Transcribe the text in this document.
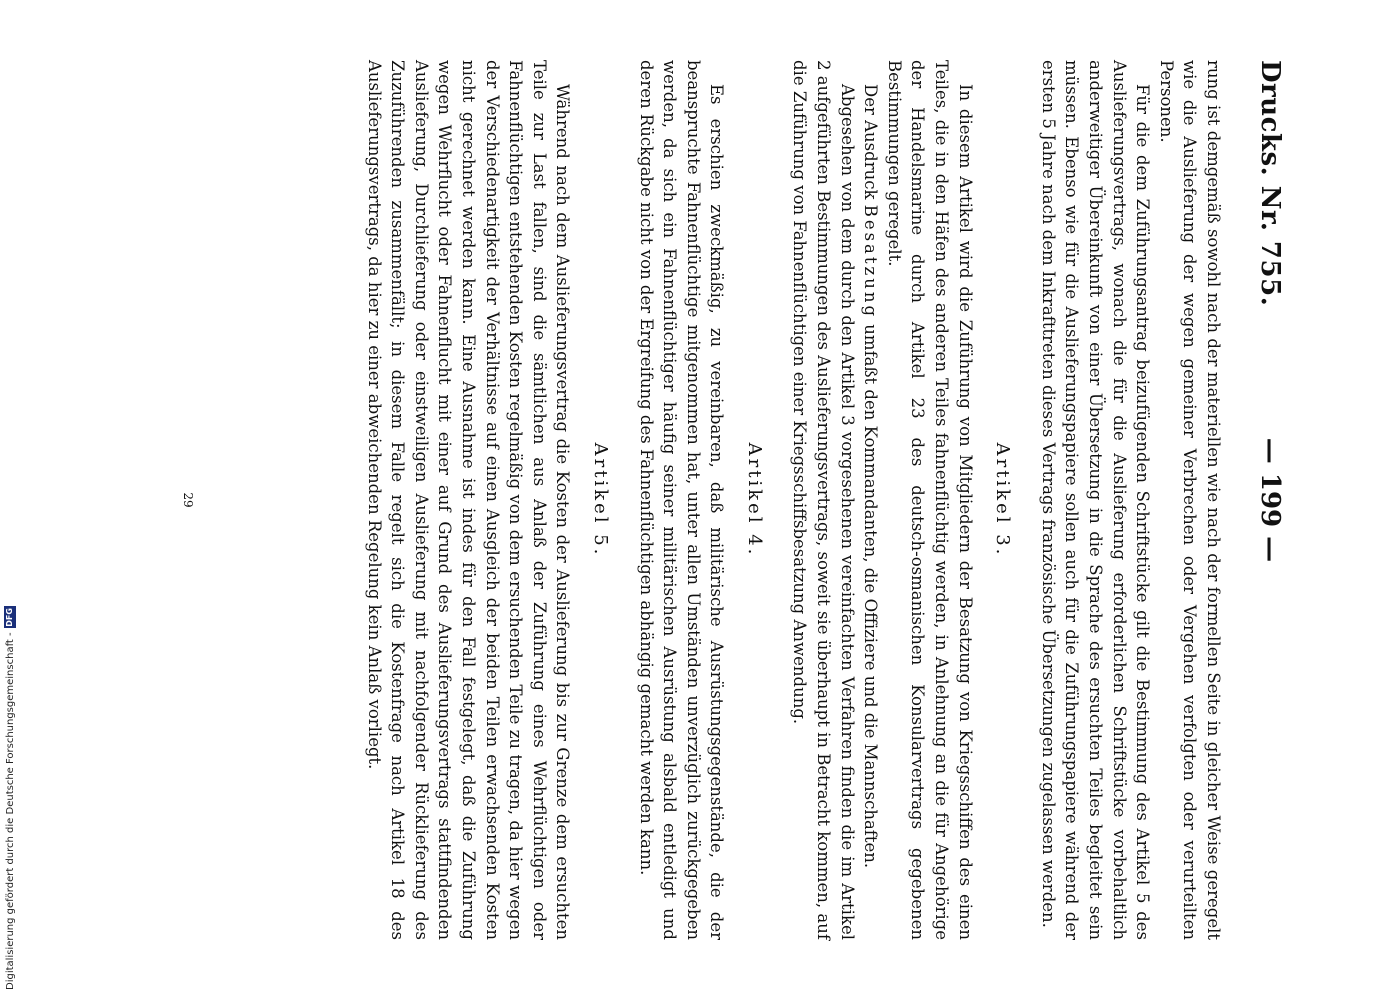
Drucks. Nr. 755.
— 199 —

rung ist demgemäß sowohl nach der materiellen wie nach der formellen Seite in gleicher Weise geregelt wie die Auslieferung der wegen gemeiner Verbrechen oder Vergehen verfolgten oder verurteilten Personen.

Für die dem Zuführungsantrag beizufügenden Schriftstücke gilt die Bestimmung des Artikel 5 des Auslieferungsvertrags, wonach die für die Auslieferung erforderlichen Schriftstücke vorbehaltlich anderweitiger Übereinkunft von einer Übersetzung in die Sprache des ersuchten Teiles begleitet sein müssen. Ebenso wie für die Auslieferungspapiere sollen auch für die Zuführungspapiere während der ersten 5 Jahre nach dem Inkrafttreten dieses Vertrags französische Übersetzungen zugelassen werden.

Artikel 3.

In diesem Artikel wird die Zuführung von Mitgliedern der Besatzung von Kriegsschiffen des einen Teiles, die in den Häfen des anderen Teiles fahnenflüchtig werden, in Anlehnung an die für Angehörige der Handelsmarine durch Artikel 23 des deutsch-osmanischen Konsularvertrags gegebenen Bestimmungen geregelt.

Der Ausdruck Besatzung umfaßt den Kommandanten, die Offiziere und die Mannschaften.

Abgesehen von dem durch den Artikel 3 vorgesehenen vereinfachten Verfahren finden die im Artikel 2 aufgeführten Bestimmungen des Auslieferungsvertrags, soweit sie überhaupt in Betracht kommen, auf die Zuführung von Fahnenflüchtigen einer Kriegsschiffsbesatzung Anwendung.

Artikel 4.

Es erschien zweckmäßig, zu vereinbaren, daß militärische Ausrüstungsgegenstände, die der beanspruchte Fahnenflüchtige mitgenommen hat, unter allen Umständen unverzüglich zurückgegeben werden, da sich ein Fahnenflüchtiger häufig seiner militärischen Ausrüstung alsbald entledigt und deren Rückgabe nicht von der Ergreifung des Fahnenflüchtigen abhängig gemacht werden kann.

Artikel 5.

Während nach dem Auslieferungsvertrag die Kosten der Auslieferung bis zur Grenze dem ersuchten Teile zur Last fallen, sind die sämtlichen aus Anlaß der Zuführung eines Wehrflüchtigen oder Fahnenflüchtigen entstehenden Kosten regelmäßig von dem ersuchenden Teile zu tragen, da hier wegen der Verschiedenartigkeit der Verhältnisse auf einen Ausgleich der beiden Teilen erwachsenden Kosten nicht gerechnet werden kann. Eine Ausnahme ist indes für den Fall festgelegt, daß die Zuführung wegen Wehrflucht oder Fahnenflucht mit einer auf Grund des Auslieferungsvertrags stattfindenden Auslieferung, Durchlieferung oder einstweiligen Auslieferung mit nachfolgender Rücklieferung des Zuzuführenden zusammenfällt; in diesem Falle regelt sich die Kostenfrage nach Artikel 18 des Auslieferungsvertrags, da hier zu einer abweichenden Regelung kein Anlaß vorliegt.

29
Digitalisierung gefördert durch die Deutsche Forschungsgemeinschaft -
DFG
